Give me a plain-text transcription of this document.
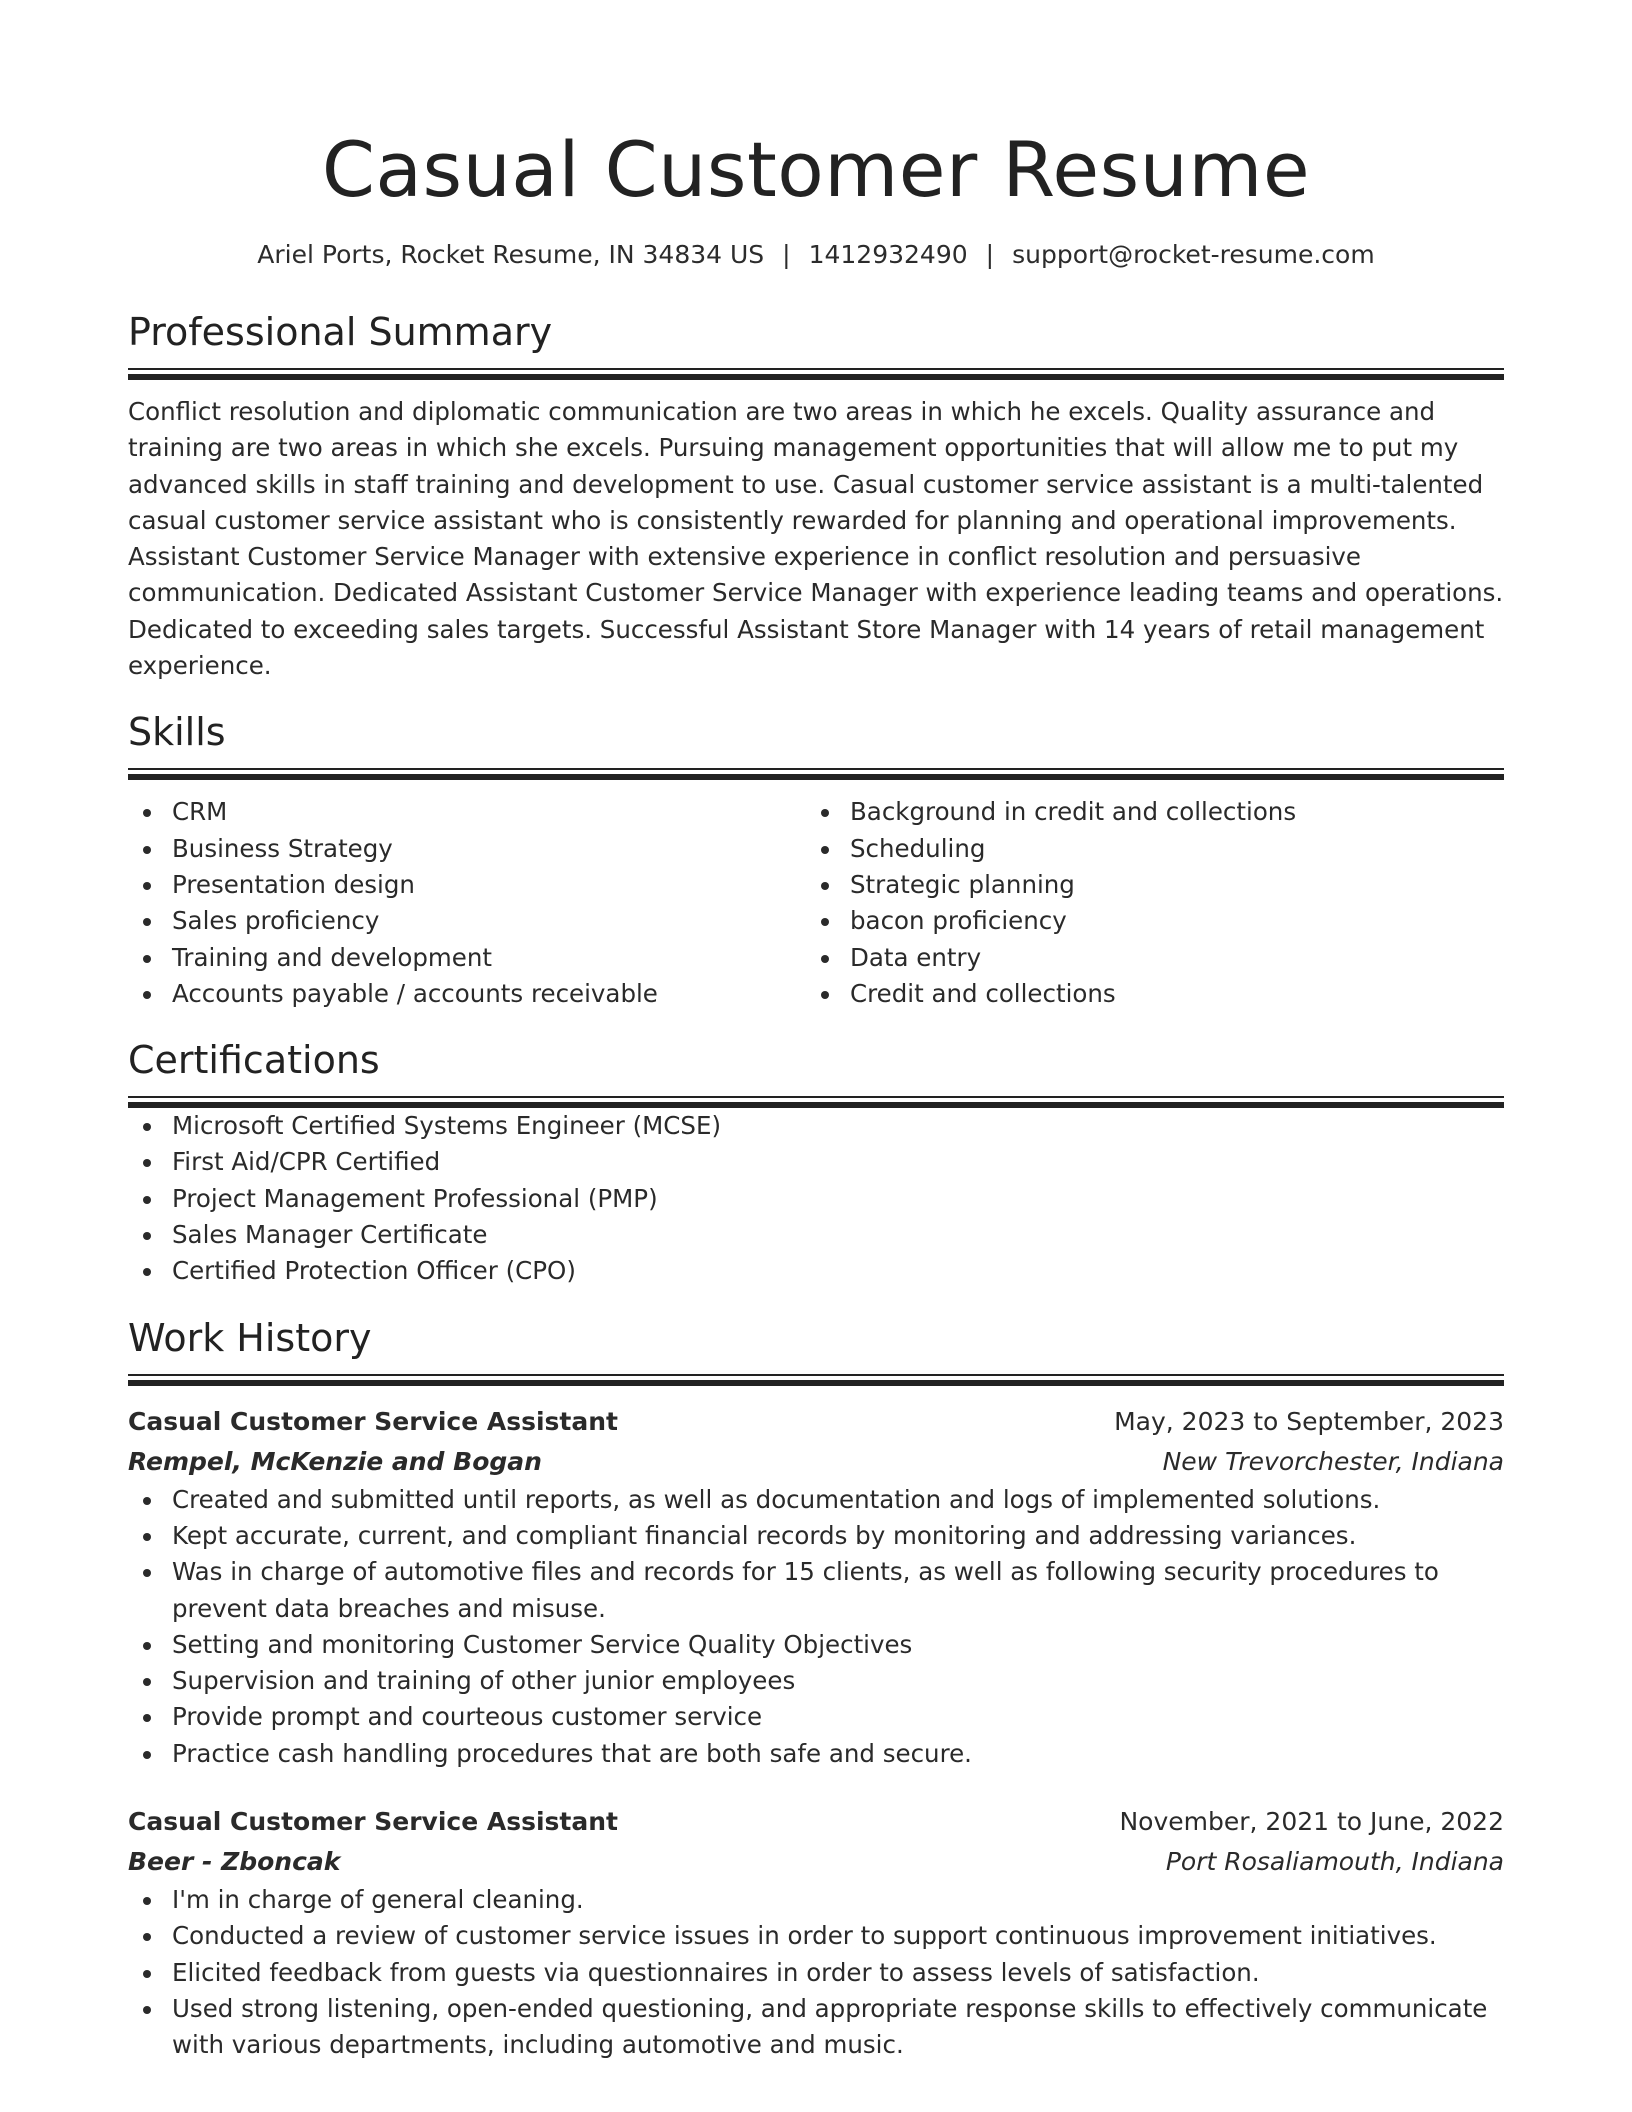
Casual Customer Resume
Ariel Ports, Rocket Resume, IN 34834 US | 1412932490 | support@rocket-resume.com
Professional Summary

Conflict resolution and diplomatic communication are two areas in which he excels. Quality assurance and training are two areas in which she excels. Pursuing management opportunities that will allow me to put my advanced skills in staff training and development to use. Casual customer service assistant is a multi-talented casual customer service assistant who is consistently rewarded for planning and operational improvements. Assistant Customer Service Manager with extensive experience in conflict resolution and persuasive communication. Dedicated Assistant Customer Service Manager with experience leading teams and operations. Dedicated to exceeding sales targets. Successful Assistant Store Manager with 14 years of retail management experience.

Skills
CRM
Business Strategy
Presentation design
Sales proficiency
Training and development
Accounts payable / accounts receivable
Background in credit and collections
Scheduling
Strategic planning
bacon proficiency
Data entry
Credit and collections
Certifications
Microsoft Certified Systems Engineer (MCSE)
First Aid/CPR Certified
Project Management Professional (PMP)
Sales Manager Certificate
Certified Protection Officer (CPO)
Work History
Casual Customer Service Assistant	May, 2023 to September, 2023
Rempel, McKenzie and Bogan	New Trevorchester, Indiana
Created and submitted until reports, as well as documentation and logs of implemented solutions.
Kept accurate, current, and compliant financial records by monitoring and addressing variances.
Was in charge of automotive files and records for 15 clients, as well as following security procedures to prevent data breaches and misuse.
Setting and monitoring Customer Service Quality Objectives
Supervision and training of other junior employees
Provide prompt and courteous customer service
Practice cash handling procedures that are both safe and secure.
Casual Customer Service Assistant	November, 2021 to June, 2022
Beer - Zboncak	Port Rosaliamouth, Indiana
I'm in charge of general cleaning.
Conducted a review of customer service issues in order to support continuous improvement initiatives.
Elicited feedback from guests via questionnaires in order to assess levels of satisfaction.
Used strong listening, open-ended questioning, and appropriate response skills to effectively communicate with various departments, including automotive and music.
